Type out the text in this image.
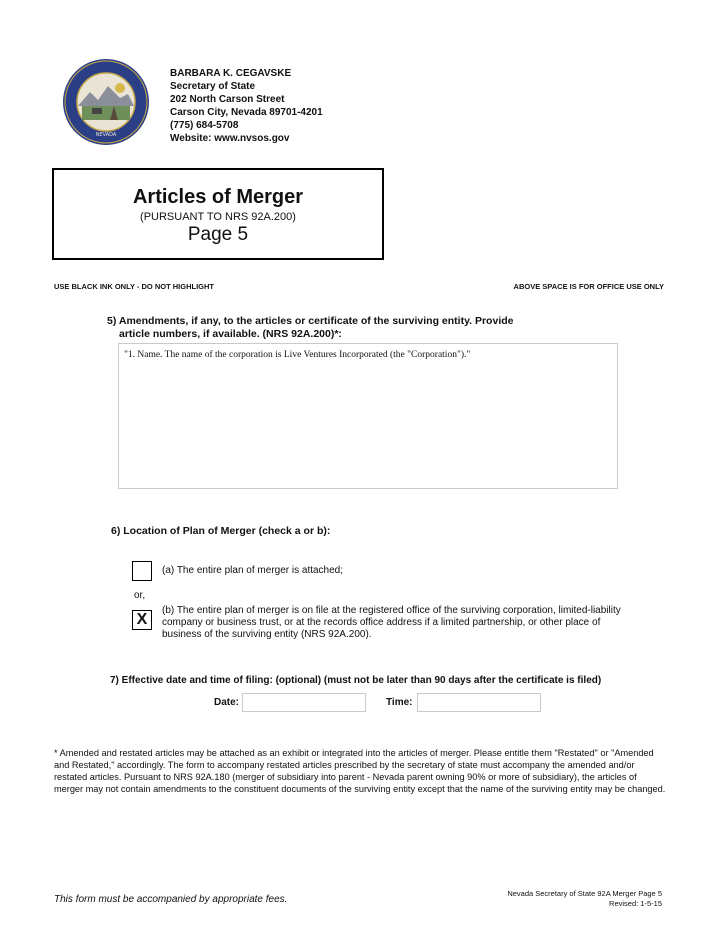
NEVADA
BARBARA K. CEGAVSKE
Secretary of State
202 North Carson Street
Carson City, Nevada 89701-4201
(775) 684-5708
Website: www.nvsos.gov
Articles of Merger
(PURSUANT TO NRS 92A.200)
Page 5
USE BLACK INK ONLY - DO NOT HIGHLIGHT	ABOVE SPACE IS FOR OFFICE USE ONLY
5) Amendments, if any, to the articles or certificate of the surviving entity. Provide
article numbers, if available. (NRS 92A.200)*:
"1. Name. The name of the corporation is Live Ventures Incorporated (the "Corporation")."
6) Location of Plan of Merger (check a or b):
(a) The entire plan of merger is attached;
or,
X
(b) The entire plan of merger is on file at the registered office of the surviving corporation, limited-liability company or business trust, or at the records office address if a limited partnership, or other place of business of the surviving entity (NRS 92A.200).
7) Effective date and time of filing: (optional) (must not be later than 90 days after the certificate is filed)
Date:	Time:
* Amended and restated articles may be attached as an exhibit or integrated into the articles of merger. Please entitle them "Restated" or "Amended and Restated," accordingly. The form to accompany restated articles prescribed by the secretary of state must accompany the amended and/or restated articles. Pursuant to NRS 92A.180 (merger of subsidiary into parent - Nevada parent owning 90% or more of subsidiary), the articles of merger may not contain amendments to the constituent documents of the surviving entity except that the name of the surviving entity may be changed.
This form must be accompanied by appropriate fees.
Nevada Secretary of State 92A Merger Page 5
Revised: 1-5-15
